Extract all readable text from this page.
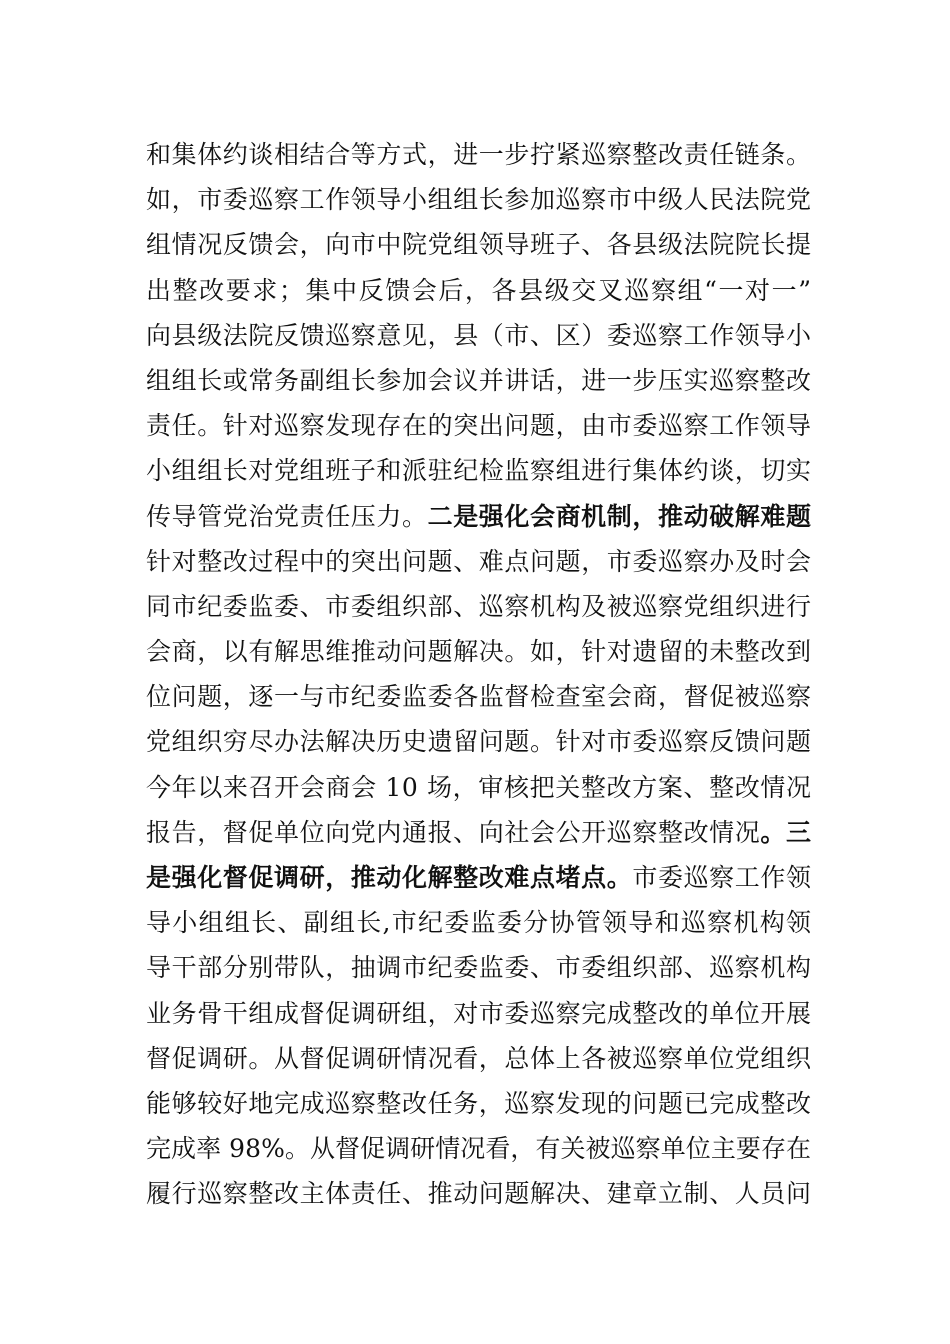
和集体约谈相结合等方式，进一步拧紧巡察整改责任链条。
如，市委巡察工作领导小组组长参加巡察市中级人民法院党
组情况反馈会，向市中院党组领导班子、各县级法院院长提
出整改要求；集中反馈会后，各县级交叉巡察组“一对一”
向县级法院反馈巡察意见，县（市、区）委巡察工作领导小
组组长或常务副组长参加会议并讲话，进一步压实巡察整改
责任。针对巡察发现存在的突出问题，由市委巡察工作领导
小组组长对党组班子和派驻纪检监察组进行集体约谈，切实
传导管党治党责任压力。二是强化会商机制，推动破解难题
针对整改过程中的突出问题、难点问题，市委巡察办及时会
同市纪委监委、市委组织部、巡察机构及被巡察党组织进行
会商，以有解思维推动问题解决。如，针对遗留的未整改到
位问题，逐一与市纪委监委各监督检查室会商，督促被巡察
党组织穷尽办法解决历史遗留问题。针对市委巡察反馈问题
今年以来召开会商会 10 场，审核把关整改方案、整改情况
报告，督促单位向党内通报、向社会公开巡察整改情况。三
是强化督促调研，推动化解整改难点堵点。市委巡察工作领
导小组组长、副组长,市纪委监委分协管领导和巡察机构领
导干部分别带队，抽调市纪委监委、市委组织部、巡察机构
业务骨干组成督促调研组，对市委巡察完成整改的单位开展
督促调研。从督促调研情况看，总体上各被巡察单位党组织
能够较好地完成巡察整改任务，巡察发现的问题已完成整改
完成率 98%。从督促调研情况看，有关被巡察单位主要存在
履行巡察整改主体责任、推动问题解决、建章立制、人员问
